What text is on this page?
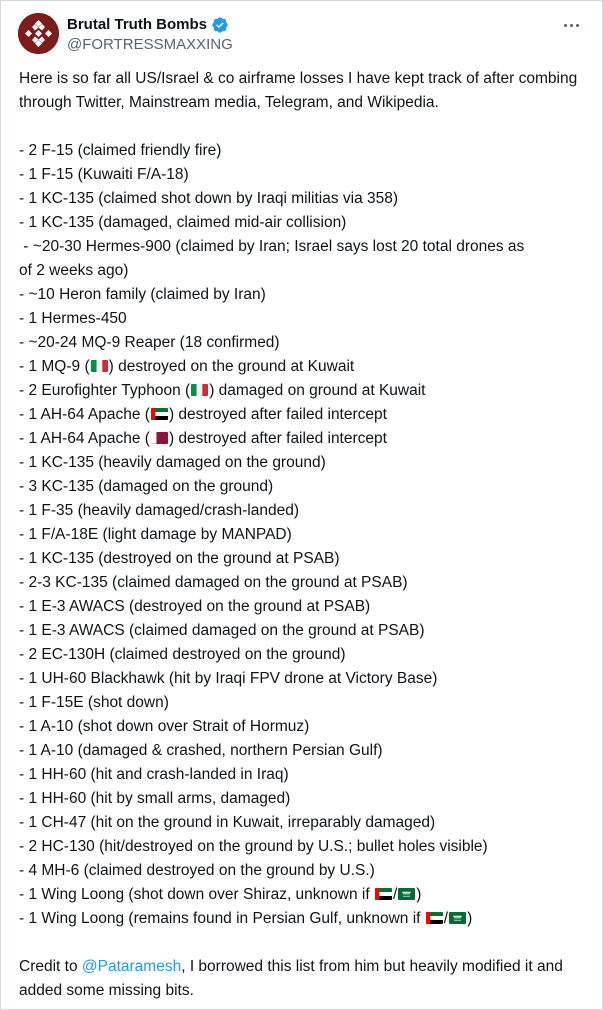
Brutal Truth Bombs
@FORTRESSMAXXING

Here is so far all US/Israel & co airframe losses I have kept track of after combing through Twitter, Mainstream media, Telegram, and Wikipedia.

- 2 F-15 (claimed friendly fire)
- 1 F-15 (Kuwaiti F/A-18)
- 1 KC-135 (claimed shot down by Iraqi militias via 358)
- 1 KC-135 (damaged, claimed mid-air collision)
- ~20-30 Hermes-900 (claimed by Iran; Israel says lost 20 total drones as
of 2 weeks ago)
- ~10 Heron family (claimed by Iran)
- 1 Hermes-450
- ~20-24 MQ-9 Reaper (18 confirmed)
- 1 MQ-9 ( ) destroyed on the ground at Kuwait
- 2 Eurofighter Typhoon ( ) damaged on ground at Kuwait
- 1 AH-64 Apache ( ) destroyed after failed intercept
- 1 AH-64 Apache ( ) destroyed after failed intercept
- 1 KC-135 (heavily damaged on the ground)
- 3 KC-135 (damaged on the ground)
- 1 F-35 (heavily damaged/crash-landed)
- 1 F/A-18E (light damage by MANPAD)
- 1 KC-135 (destroyed on the ground at PSAB)
- 2-3 KC-135 (claimed damaged on the ground at PSAB)
- 1 E-3 AWACS (destroyed on the ground at PSAB)
- 1 E-3 AWACS (claimed damaged on the ground at PSAB)
- 2 EC-130H (claimed destroyed on the ground)
- 1 UH-60 Blackhawk (hit by Iraqi FPV drone at Victory Base)
- 1 F-15E (shot down)
- 1 A-10 (shot down over Strait of Hormuz)
- 1 A-10 (damaged & crashed, northern Persian Gulf)
- 1 HH-60 (hit and crash-landed in Iraq)
- 1 HH-60 (hit by small arms, damaged)
- 1 CH-47 (hit on the ground in Kuwait, irreparably damaged)
- 2 HC-130 (hit/destroyed on the ground by U.S.; bullet holes visible)
- 4 MH-6 (claimed destroyed on the ground by U.S.)
- 1 Wing Loong (shot down over Shiraz, unknown if
/ )
- 1 Wing Loong (remains found in Persian Gulf, unknown if
/ )

Credit to @Pataramesh, I borrowed this list from him but heavily modified it and added some missing bits.
